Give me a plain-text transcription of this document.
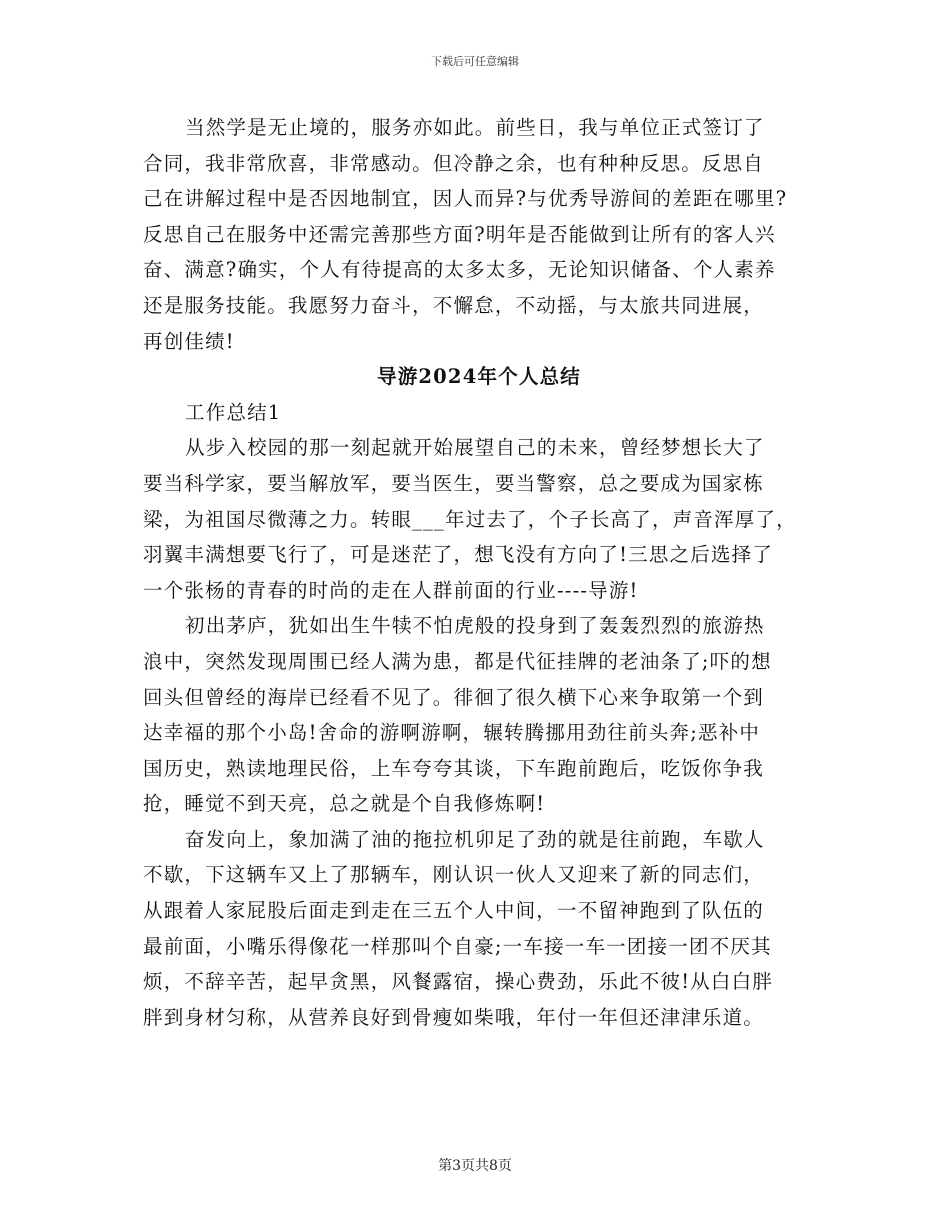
下载后可任意编辑
当然学是无止境的，服务亦如此。前些日，我与单位正式签订了
合同，我非常欣喜，非常感动。但冷静之余，也有种种反思。反思自
己在讲解过程中是否因地制宜，因人而异?与优秀导游间的差距在哪里?
反思自己在服务中还需完善那些方面?明年是否能做到让所有的客人兴
奋、满意?确实，个人有待提高的太多太多，无论知识储备、个人素养
还是服务技能。我愿努力奋斗，不懈怠，不动摇，与太旅共同进展，
再创佳绩!
导游2024年个人总结
工作总结1
从步入校园的那一刻起就开始展望自己的未来，曾经梦想长大了
要当科学家，要当解放军，要当医生，要当警察，总之要成为国家栋
梁，为祖国尽微薄之力。转眼___年过去了，个子长高了，声音浑厚了，
羽翼丰满想要飞行了，可是迷茫了，想飞没有方向了!三思之后选择了
一个张杨的青春的时尚的走在人群前面的行业----导游!
初出茅庐，犹如出生牛犊不怕虎般的投身到了轰轰烈烈的旅游热
浪中，突然发现周围已经人满为患，都是代征挂牌的老油条了;吓的想
回头但曾经的海岸已经看不见了。徘徊了很久横下心来争取第一个到
达幸福的那个小岛!舍命的游啊游啊，辗转腾挪用劲往前头奔;恶补中
国历史，熟读地理民俗，上车夸夸其谈，下车跑前跑后，吃饭你争我
抢，睡觉不到天亮，总之就是个自我修炼啊!
奋发向上，象加满了油的拖拉机卯足了劲的就是往前跑，车歇人
不歇，下这辆车又上了那辆车，刚认识一伙人又迎来了新的同志们，
从跟着人家屁股后面走到走在三五个人中间，一不留神跑到了队伍的
最前面，小嘴乐得像花一样那叫个自豪;一车接一车一团接一团不厌其
烦，不辞辛苦，起早贪黑，风餐露宿，操心费劲，乐此不彼!从白白胖
胖到身材匀称，从营养良好到骨瘦如柴哦，年付一年但还津津乐道。
第3页共8页
